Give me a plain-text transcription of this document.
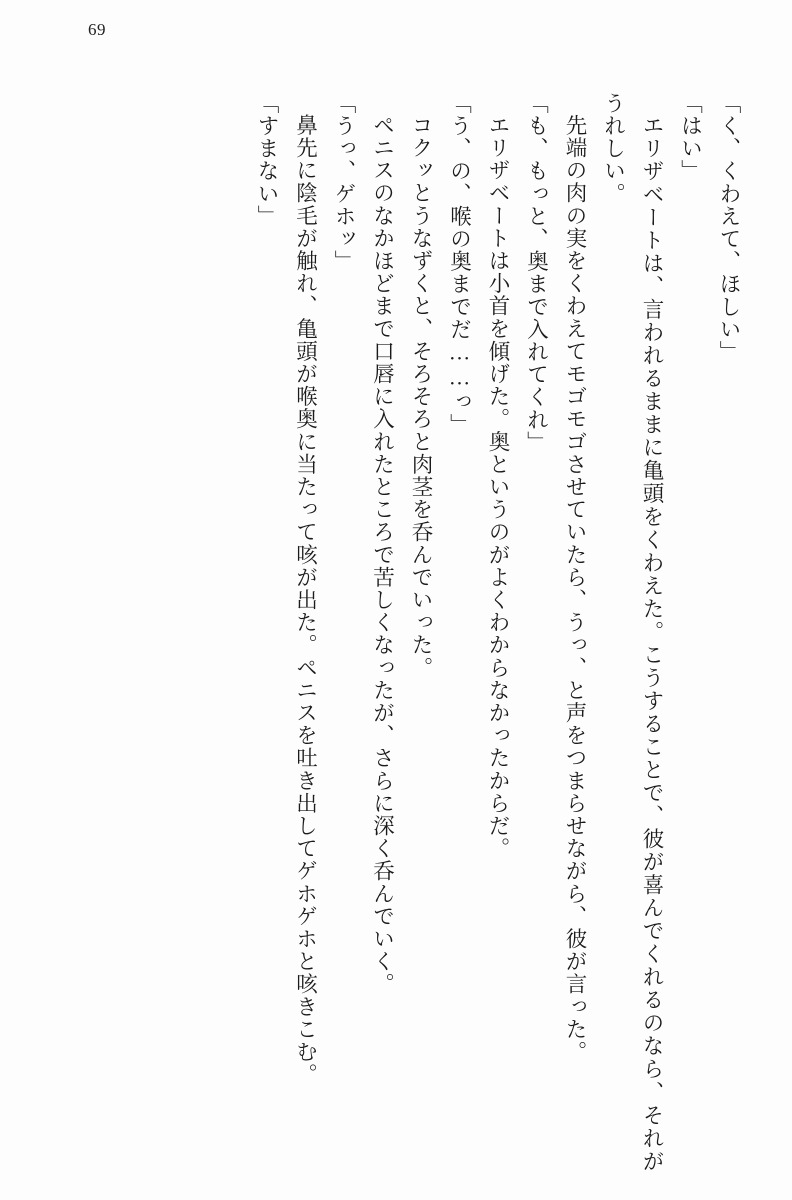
69

「く、くわえて、ほしい」

「はい」

エリザベートは、言われるままに亀頭をくわえた。こうすることで、彼が喜んでくれるのなら、それがうれしい。

先端の肉の実をくわえてモゴモゴさせていたら、うっ、と声をつまらせながら、彼が言った。

「も、もっと、奥まで入れてくれ」

エリザベートは小首を傾げた。奥というのがよくわからなかったからだ。

「う、の、喉の奥までだ……っ」

コクッとうなずくと、そろそろと肉茎を呑んでいった。

ペニスのなかほどまで口唇に入れたところで苦しくなったが、さらに深く呑んでいく。

「うっ、ゲホッ」

鼻先に陰毛が触れ、亀頭が喉奥に当たって咳が出た。ペニスを吐き出してゲホゲホと咳きこむ。

「すまない」
